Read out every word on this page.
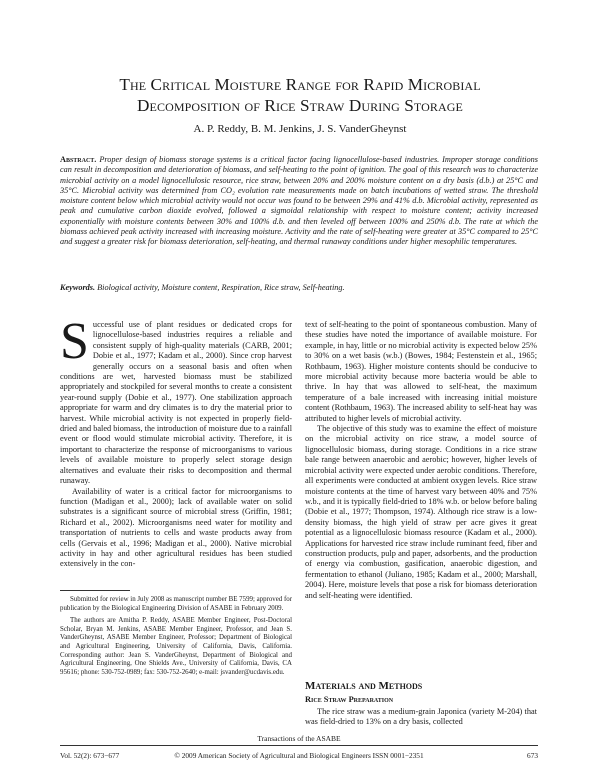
The Critical Moisture Range for Rapid Microbial
Decomposition of Rice Straw During Storage
A. P. Reddy, B. M. Jenkins, J. S. VanderGheynst

Abstract. Proper design of biomass storage systems is a critical factor facing lignocellulose-based industries. Improper storage conditions can result in decomposition and deterioration of biomass, and self-heating to the point of ignition. The goal of this research was to characterize microbial activity on a model lignocellulosic resource, rice straw, between 20% and 200% moisture content on a dry basis (d.b.) at 25°C and 35°C. Microbial activity was determined from CO₂ evolution rate measurements made on batch incubations of wetted straw. The threshold moisture content below which microbial activity would not occur was found to be between 29% and 41% d.b. Microbial activity, represented as peak and cumulative carbon dioxide evolved, followed a sigmoidal relationship with respect to moisture content; activity increased exponentially with moisture contents between 30% and 100% d.b. and then leveled off between 100% and 250% d.b. The rate at which the biomass achieved peak activity increased with increasing moisture. Activity and the rate of self-heating were greater at 35°C compared to 25°C and suggest a greater risk for biomass deterioration, self-heating, and thermal runaway conditions under higher mesophilic temperatures.

Keywords. Biological activity, Moisture content, Respiration, Rice straw, Self-heating.

Successful use of plant residues or dedicated crops for lignocellulose-based industries requires a reliable and consistent supply of high-quality materials (CARB, 2001; Dobie et al., 1977; Kadam et al., 2000). Since crop harvest generally occurs on a seasonal basis and often when conditions are wet, harvested biomass must be stabilized appropriately and stockpiled for several months to create a consistent year-round supply (Dobie et al., 1977). One stabilization approach appropriate for warm and dry climates is to dry the material prior to harvest. While microbial activity is not expected in properly field-dried and baled biomass, the introduction of moisture due to a rainfall event or flood would stimulate microbial activity. Therefore, it is important to characterize the response of microorganisms to various levels of available moisture to properly select storage design alternatives and evaluate their risks to decomposition and thermal runaway.

Availability of water is a critical factor for microorganisms to function (Madigan et al., 2000); lack of available water on solid substrates is a significant source of microbial stress (Griffin, 1981; Richard et al., 2002). Microorganisms need water for motility and transportation of nutrients to cells and waste products away from cells (Gervais et al., 1996; Madigan et al., 2000). Native microbial activity in hay and other agricultural residues has been studied extensively in the con-

Submitted for review in July 2008 as manuscript number BE 7599; approved for publication by the Biological Engineering Division of ASABE in February 2009.

The authors are Amitha P. Reddy, ASABE Member Engineer, Post-Doctoral Scholar, Bryan M. Jenkins, ASABE Member Engineer, Professor, and Jean S. VanderGheynst, ASABE Member Engineer, Professor; Department of Biological and Agricultural Engineering, University of California, Davis, California. Corresponding author: Jean S. VanderGheynst, Department of Biological and Agricultural Engineering, One Shields Ave., University of California, Davis, CA 95616; phone: 530-752-0989; fax: 530-752-2640; e-mail: jsvander@ucdavis.edu.

text of self-heating to the point of spontaneous combustion. Many of these studies have noted the importance of available moisture. For example, in hay, little or no microbial activity is expected below 25% to 30% on a wet basis (w.b.) (Bowes, 1984; Festenstein et al., 1965; Rothbaum, 1963). Higher moisture contents should be conducive to more microbial activity because more bacteria would be able to thrive. In hay that was allowed to self-heat, the maximum temperature of a bale increased with increasing initial moisture content (Rothbaum, 1963). The increased ability to self-heat hay was attributed to higher levels of microbial activity.

The objective of this study was to examine the effect of moisture on the microbial activity on rice straw, a model source of lignocellulosic biomass, during storage. Conditions in a rice straw bale range between anaerobic and aerobic; however, higher levels of microbial activity were expected under aerobic conditions. Therefore, all experiments were conducted at ambient oxygen levels. Rice straw moisture contents at the time of harvest vary between 40% and 75% w.b., and it is typically field-dried to 18% w.b. or below before baling (Dobie et al., 1977; Thompson, 1974). Although rice straw is a low-density biomass, the high yield of straw per acre gives it great potential as a lignocellulosic biomass resource (Kadam et al., 2000). Applications for harvested rice straw include ruminant feed, fiber and construction products, pulp and paper, adsorbents, and the production of energy via combustion, gasification, anaerobic digestion, and fermentation to ethanol (Juliano, 1985; Kadam et al., 2000; Marshall, 2004). Here, moisture levels that pose a risk for biomass deterioration and self-heating were identified.

Materials and Methods
Rice Straw Preparation

The rice straw was a medium-grain Japonica (variety M-204) that was field-dried to 13% on a dry basis, collected

Transactions of the ASABE
Vol. 52(2): 673−677	© 2009 American Society of Agricultural and Biological Engineers ISSN 0001−2351	673
